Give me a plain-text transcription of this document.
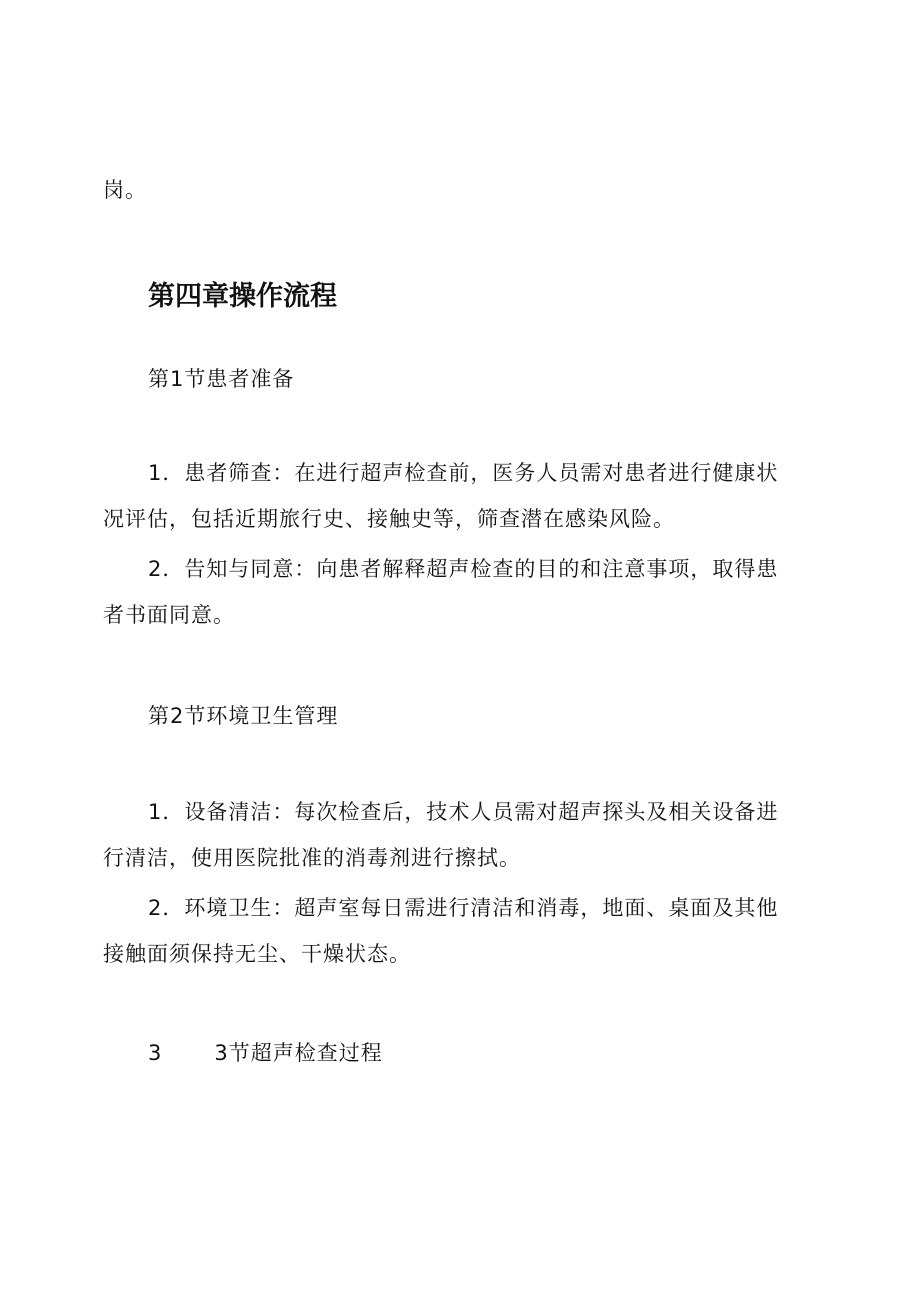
岗。
第四章操作流程
第1节患者准备
1．患者筛查：在进行超声检查前，医务人员需对患者进行健康状
况评估，包括近期旅行史、接触史等，筛查潜在感染风险。
2．告知与同意：向患者解释超声检查的目的和注意事项，取得患
者书面同意。
第2节环境卫生管理
1．设备清洁：每次检查后，技术人员需对超声探头及相关设备进
行清洁，使用医院批准的消毒剂进行擦拭。
2．环境卫生：超声室每日需进行清洁和消毒，地面、桌面及其他
接触面须保持无尘、干燥状态。
3 3节超声检查过程
